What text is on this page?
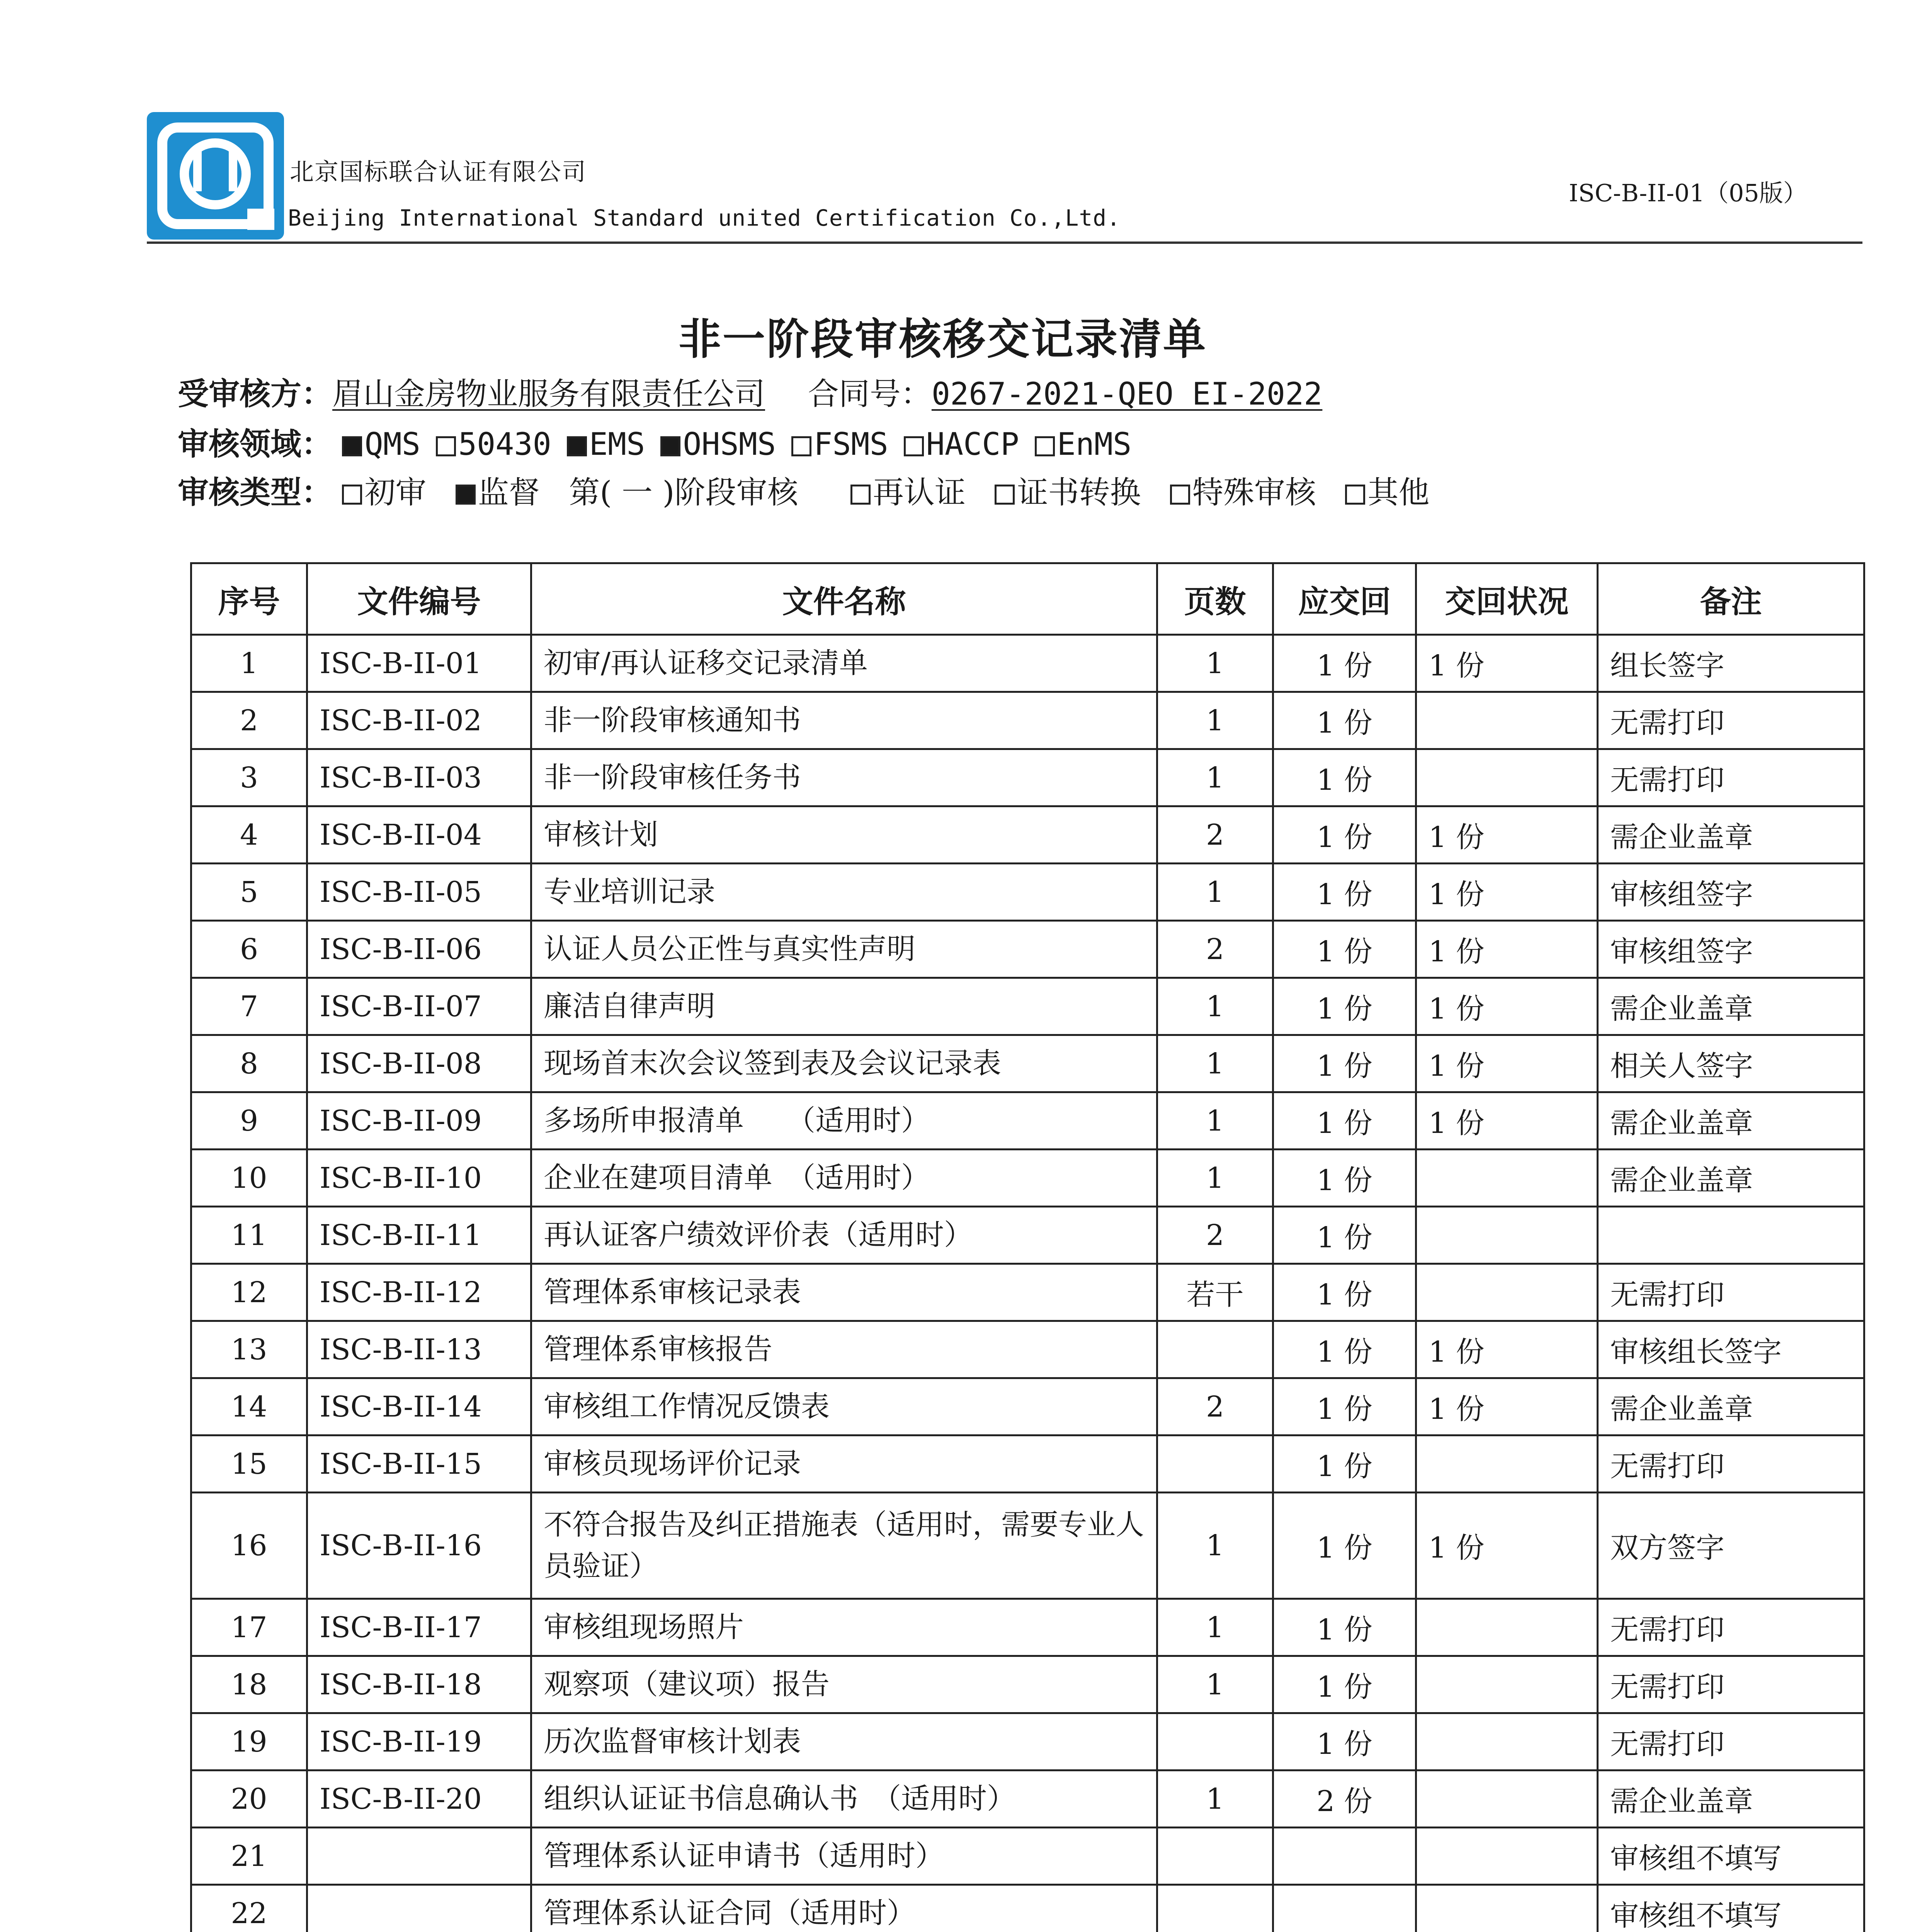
北京国标联合认证有限公司
Beijing International Standard united Certification Co.,Ltd.
ISC-B-II-01（05版）
非一阶段审核移交记录清单
受审核方：眉山金房物业服务有限责任公司 合同号：0267-2021-QEO EI-2022
审核领域： QMS 50430 EMS OHSMS FSMS HACCP EnMS
审核类型： 初审 监督 第( 一 )阶段审核 再认证 证书转换 特殊审核 其他
序号	文件编号	文件名称	页数	应交回	交回状况	备注
1	ISC-B-II-01	初审/再认证移交记录清单	1	1 份	1 份	组长签字
2	ISC-B-II-02	非一阶段审核通知书	1	1 份		无需打印
3	ISC-B-II-03	非一阶段审核任务书	1	1 份		无需打印
4	ISC-B-II-04	审核计划	2	1 份	1 份	需企业盖章
5	ISC-B-II-05	专业培训记录	1	1 份	1 份	审核组签字
6	ISC-B-II-06	认证人员公正性与真实性声明	2	1 份	1 份	审核组签字
7	ISC-B-II-07	廉洁自律声明	1	1 份	1 份	需企业盖章
8	ISC-B-II-08	现场首末次会议签到表及会议记录表	1	1 份	1 份	相关人签字
9	ISC-B-II-09	多场所申报清单　　（适用时）	1	1 份	1 份	需企业盖章
10	ISC-B-II-10	企业在建项目清单　（适用时）	1	1 份		需企业盖章
11	ISC-B-II-11	再认证客户绩效评价表（适用时）	2	1 份		
12	ISC-B-II-12	管理体系审核记录表	若干	1 份		无需打印
13	ISC-B-II-13	管理体系审核报告		1 份	1 份	审核组长签字
14	ISC-B-II-14	审核组工作情况反馈表	2	1 份	1 份	需企业盖章
15	ISC-B-II-15	审核员现场评价记录		1 份		无需打印
16	ISC-B-II-16	不符合报告及纠正措施表（适用时，需要专业人员验证）	1	1 份	1 份	双方签字
17	ISC-B-II-17	审核组现场照片	1	1 份		无需打印
18	ISC-B-II-18	观察项（建议项）报告	1	1 份		无需打印
19	ISC-B-II-19	历次监督审核计划表		1 份		无需打印
20	ISC-B-II-20	组织认证证书信息确认书　（适用时）	1	2 份		需企业盖章
21		管理体系认证申请书（适用时）				审核组不填写
22		管理体系认证合同（适用时）				审核组不填写
